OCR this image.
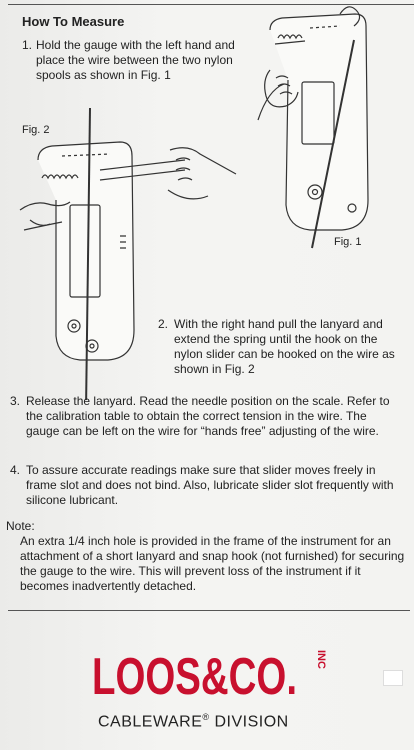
How To Measure
1. Hold the gauge with the left hand and place the wire between the two nylon spools as shown in Fig. 1
Fig. 2
Fig. 1
2. With the right hand pull the lanyard and extend the spring until the hook on the nylon slider can be hooked on the wire as shown in Fig. 2
3. Release the lanyard. Read the needle position on the scale. Refer to the calibration table to obtain the correct tension in the wire. The gauge can be left on the wire for “hands free” adjusting of the wire.
4. To assure accurate readings make sure that slider moves freely in frame slot and does not bind. Also, lubricate slider slot frequently with silicone lubricant.
Note:
An extra 1/4 inch hole is provided in the frame of the instrument for an attachment of a short lanyard and snap hook (not furnished) for securing the gauge to the wire. This will prevent loss of the instrument if it becomes inadvertently detached.
LOOS&CO. INC
CABLEWARE® DIVISION
